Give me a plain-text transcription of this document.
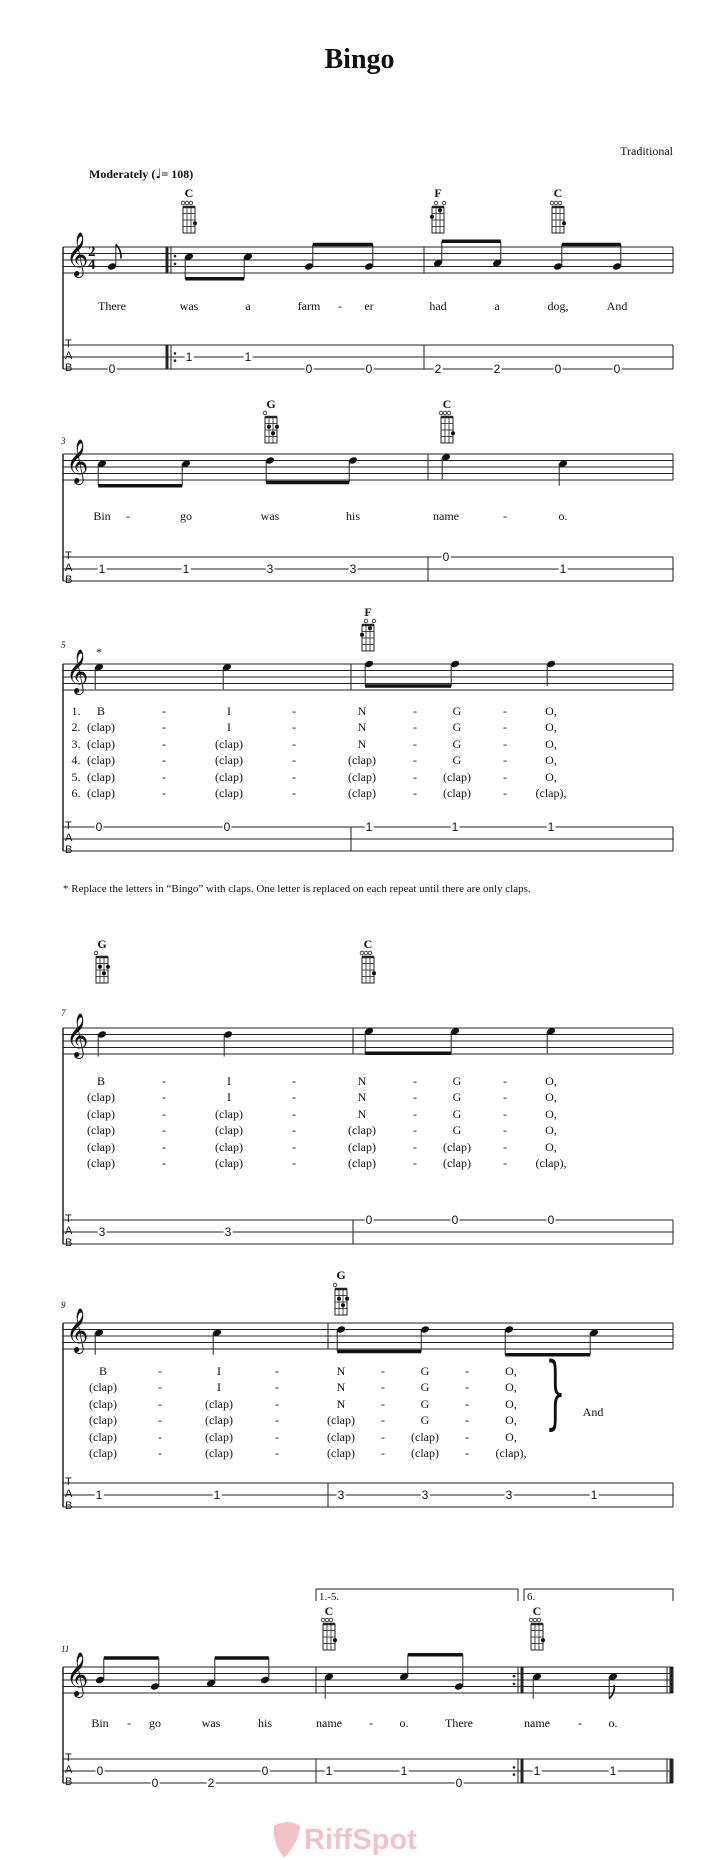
Bingo
Traditional
Moderately (♩= 108)
* Replace the letters in “Bingo” with claps. One letter is replaced on each repeat until there are only claps.
RiffSpot
𝄞
T
A
B
2
4
C	F	C
0
1	1
0	0	2	2	0	0
There	was	a	farm - er	had	a	dog,	And
𝄞
T
A
B
3
G	C
1	1	3	3
0
1
Bin -	go	was	his	name	-	o.
𝄞
T
A
B
5	*
F
0	0	1	1	1
B	-	I	-	N	-	G	-	O,
(clap)	-	I	-	N	-	G	-	O,
(clap)	-	(clap)	-	N	-	G	-	O,
(clap)	-	(clap)	-	(clap)	-	G	-	O,
(clap)	-	(clap)	-	(clap)	- (clap)	-	O,
(clap)	-	(clap)	-	(clap)	- (clap)	- (clap),
1.
2.
3.
4.
5.
6.
𝄞
T
A
B
7
G	C
3	3
0	0	0
B	-	I	-	N	-	G	-	O,
(clap)	-	I	-	N	-	G	-	O,
(clap)	-	(clap)	-	N	-	G	-	O,
(clap)	-	(clap)	-	(clap)	-	G	-	O,
(clap)	-	(clap)	-	(clap)	- (clap)	-	O,
(clap)	-	(clap)	-	(clap)	- (clap)	- (clap),
𝄞
T
A
B
9
G
1	1	3	3	3	1
B	-	I	-	N	-	G	-	O,
(clap)	-	I	-	N	-	G	-	O,
(clap)	-	(clap)	-	N	-	G	-	O,
(clap)	-	(clap)	-	(clap) -	G	-	O,
(clap)	-	(clap)	-	(clap) - (clap) -	O,
(clap)	-	(clap)	-	(clap) - (clap) - (clap),
} And
𝄞
T
A
B
1.-5.	6.
11
C	C
0
0	2
0	1	1
0
1	1
Bin - go	was	his	name - o.	There	name - o.
